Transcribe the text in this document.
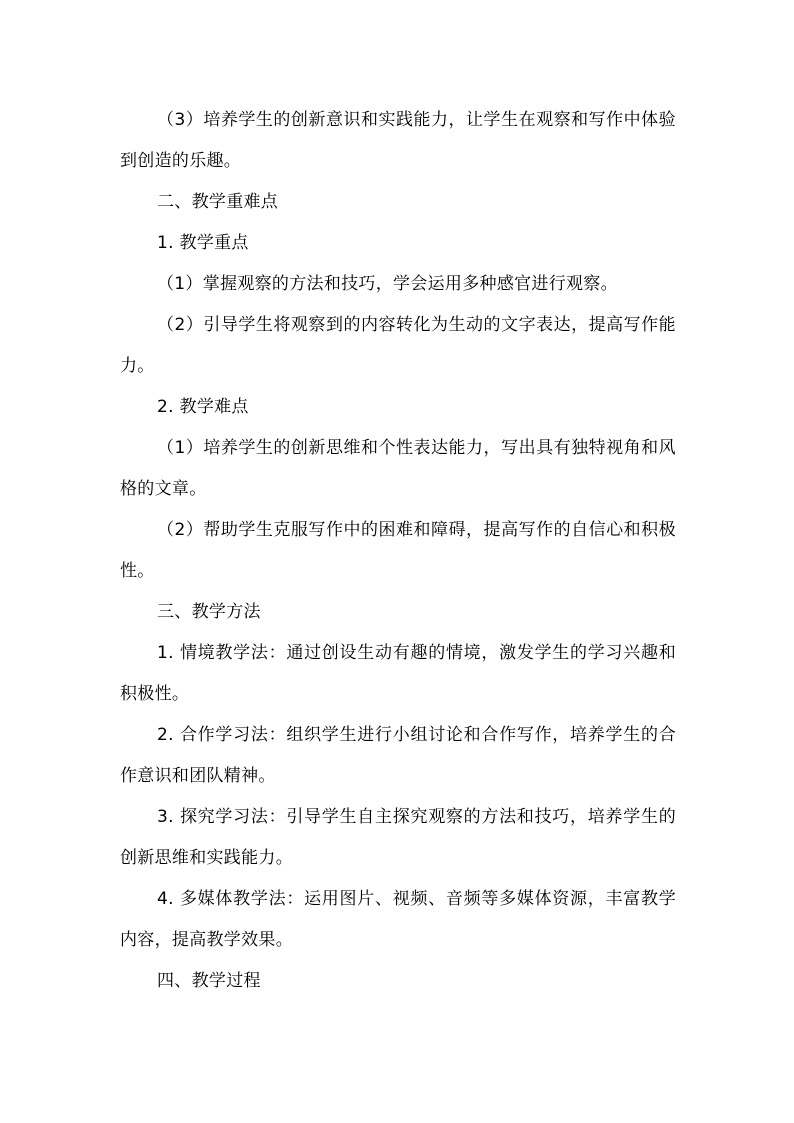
（3）培养学生的创新意识和实践能力，让学生在观察和写作中体验到创造的乐趣。

二、教学重难点

1. 教学重点

（1）掌握观察的方法和技巧，学会运用多种感官进行观察。

（2）引导学生将观察到的内容转化为生动的文字表达，提高写作能力。

2. 教学难点

（1）培养学生的创新思维和个性表达能力，写出具有独特视角和风格的文章。

（2）帮助学生克服写作中的困难和障碍，提高写作的自信心和积极性。

三、教学方法

1. 情境教学法：通过创设生动有趣的情境，激发学生的学习兴趣和积极性。

2. 合作学习法：组织学生进行小组讨论和合作写作，培养学生的合作意识和团队精神。

3. 探究学习法：引导学生自主探究观察的方法和技巧，培养学生的创新思维和实践能力。

4. 多媒体教学法：运用图片、视频、音频等多媒体资源，丰富教学内容，提高教学效果。

四、教学过程
